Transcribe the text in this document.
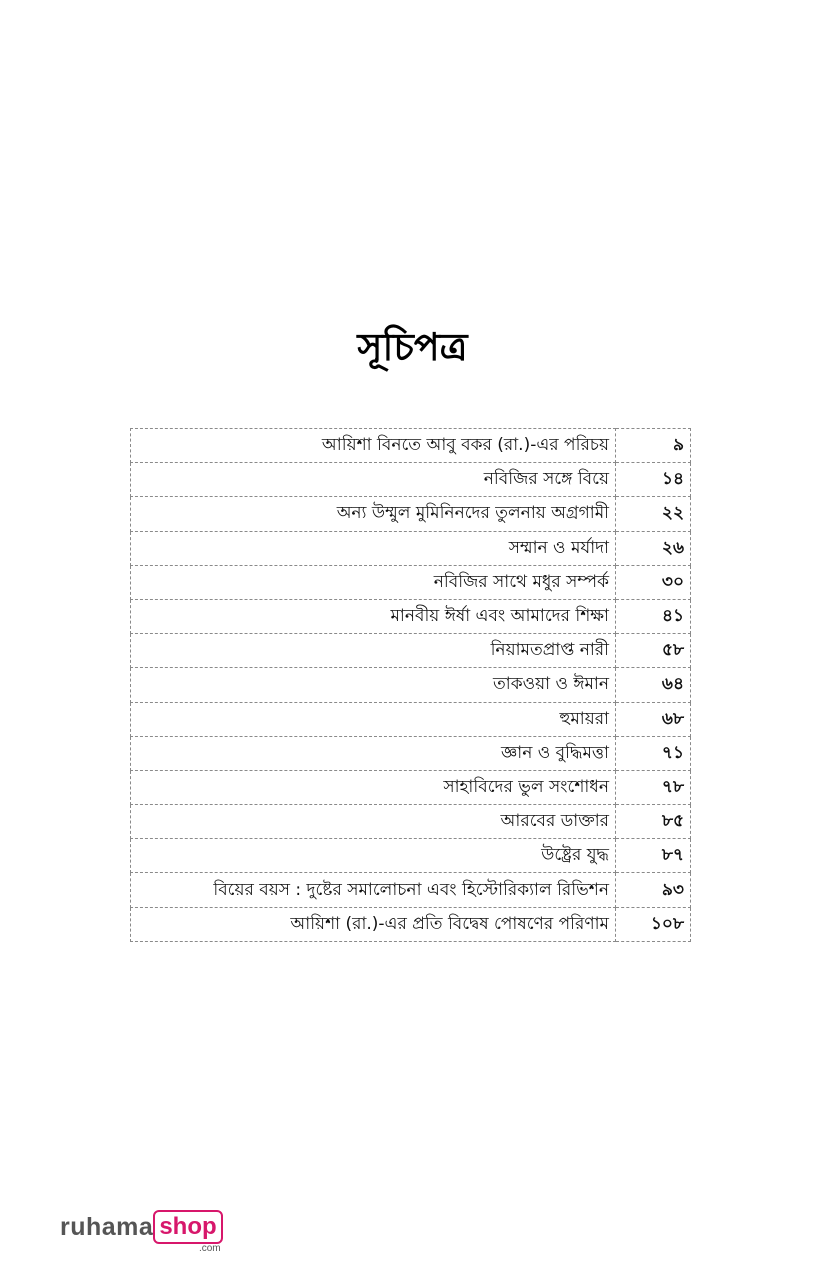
সূচিপত্র
আয়িশা বিনতে আবু বকর (রা.)-এর পরিচয়	৯
নবিজির সঙ্গে বিয়ে	১৪
অন্য উম্মুল মুমিনিনদের তুলনায় অগ্রগামী	২২
সম্মান ও মর্যাদা	২৬
নবিজির সাথে মধুর সম্পর্ক	৩০
মানবীয় ঈর্ষা এবং আমাদের শিক্ষা	৪১
নিয়ামতপ্রাপ্ত নারী	৫৮
তাকওয়া ও ঈমান	৬৪
হুমায়রা	৬৮
জ্ঞান ও বুদ্ধিমত্তা	৭১
সাহাবিদের ভুল সংশোধন	৭৮
আরবের ডাক্তার	৮৫
উষ্ট্রের যুদ্ধ	৮৭
বিয়ের বয়স : দুষ্টের সমালোচনা এবং হিস্টোরিক্যাল রিভিশন	৯৩
আয়িশা (রা.)-এর প্রতি বিদ্বেষ পোষণের পরিণাম	১০৮
ruhama shop
.com
